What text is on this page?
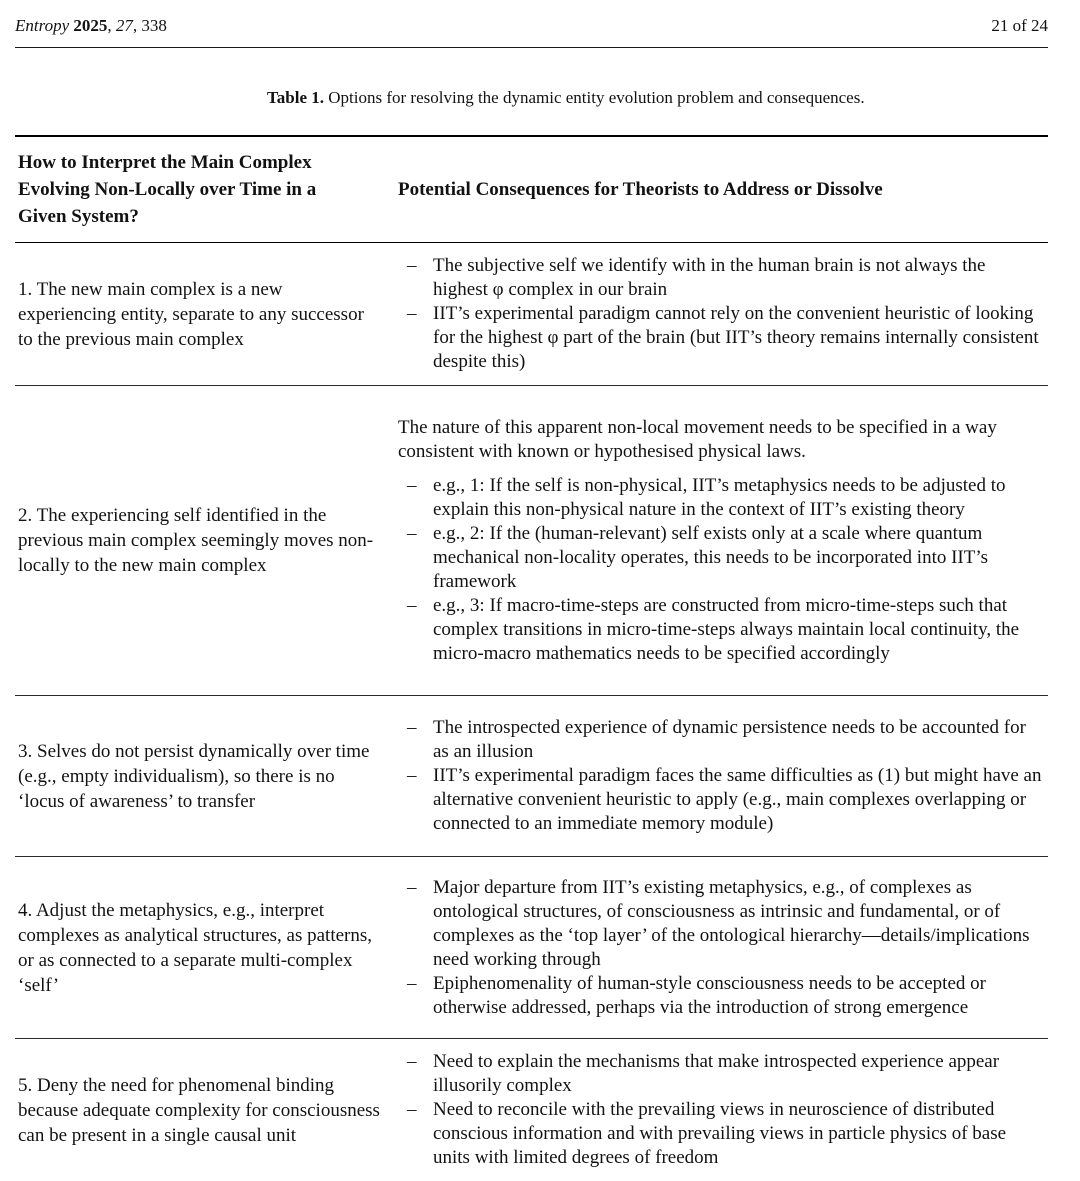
Entropy 2025, 27, 338	21 of 24
Table 1. Options for resolving the dynamic entity evolution problem and consequences.
How to Interpret the Main Complex Evolving Non-Locally over Time in a Given System?
Potential Consequences for Theorists to Address or Dissolve
1. The new main complex is a new experiencing entity, separate to any successor to the previous main complex
– The subjective self we identify with in the human brain is not always the highest φ complex in our brain
– IIT’s experimental paradigm cannot rely on the convenient heuristic of looking for the highest φ part of the brain (but IIT’s theory remains internally consistent despite this)
2. The experiencing self identified in the previous main complex seemingly moves non-locally to the new main complex

The nature of this apparent non-local movement needs to be specified in a way consistent with known or hypothesised physical laws.

– e.g., 1: If the self is non-physical, IIT’s metaphysics needs to be adjusted to explain this non-physical nature in the context of IIT’s existing theory
– e.g., 2: If the (human-relevant) self exists only at a scale where quantum mechanical non-locality operates, this needs to be incorporated into IIT’s framework
– e.g., 3: If macro-time-steps are constructed from micro-time-steps such that complex transitions in micro-time-steps always maintain local continuity, the micro-macro mathematics needs to be specified accordingly
3. Selves do not persist dynamically over time (e.g., empty individualism), so there is no ‘locus of awareness’ to transfer
– The introspected experience of dynamic persistence needs to be accounted for as an illusion
– IIT’s experimental paradigm faces the same difficulties as (1) but might have an alternative convenient heuristic to apply (e.g., main complexes overlapping or connected to an immediate memory module)
4. Adjust the metaphysics, e.g., interpret complexes as analytical structures, as patterns, or as connected to a separate multi-complex ‘self’
– Major departure from IIT’s existing metaphysics, e.g., of complexes as ontological structures, of consciousness as intrinsic and fundamental, or of complexes as the ‘top layer’ of the ontological hierarchy—details/implications need working through
– Epiphenomenality of human-style consciousness needs to be accepted or otherwise addressed, perhaps via the introduction of strong emergence
5. Deny the need for phenomenal binding because adequate complexity for consciousness can be present in a single causal unit
– Need to explain the mechanisms that make introspected experience appear illusorily complex
– Need to reconcile with the prevailing views in neuroscience of distributed conscious information and with prevailing views in particle physics of base units with limited degrees of freedom
